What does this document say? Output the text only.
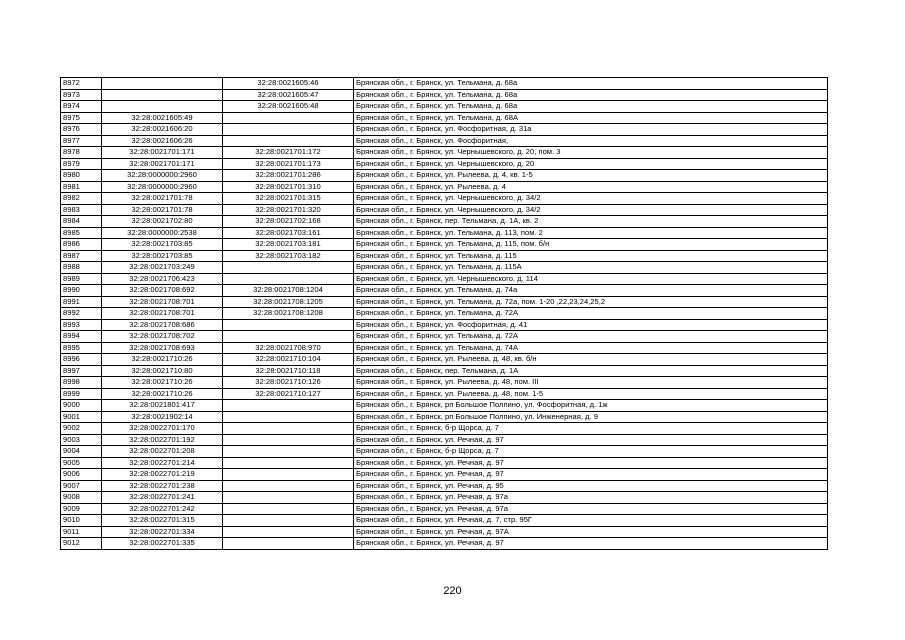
8972		32:28:0021605:46	Брянская обл., г. Брянск, ул. Тельмана, д. 68а
8973		32:28:0021605:47	Брянская обл., г. Брянск, ул. Тельмана, д. 68а
8974		32:28:0021605:48	Брянская обл., г. Брянск, ул. Тельмана, д. 68а
8975	32:28:0021605:49		Брянская обл., г. Брянск, ул. Тельмана, д. 68А
8976	32:28:0021606:20		Брянская обл., г. Брянск, ул. Фосфоритная, д. 31а
8977	32:28:0021606:26		Брянская обл., г. Брянск, ул. Фосфоритная,
8978	32:28:0021701:171	32:28:0021701:172	Брянская обл., г. Брянск, ул. Чернышевского, д. 20, пом. 3
8979	32:28:0021701:171	32:28:0021701:173	Брянская обл., г. Брянск, ул. Чернышевского, д. 20
8980	32:28:0000000:2960	32:28:0021701:286	Брянская обл., г. Брянск, ул. Рылеева, д. 4, кв. 1-5
8981	32:28:0000000:2960	32:28:0021701:310	Брянская обл., г. Брянск, ул. Рылеева, д. 4
8982	32:28:0021701:78	32:28:0021701:315	Брянская обл., г. Брянск, ул. Чернышевского, д. 34/2
8983	32:28:0021701:78	32:28:0021701:320	Брянская обл., г. Брянск, ул. Чернышевского, д. 34/2
8984	32:28:0021702:80	32:28:0021702:168	Брянская обл., г. Брянск, пер. Тельмана, д. 1А, кв. 2
8985	32:28:0000000:2538	32:28:0021703:161	Брянская обл., г. Брянск, ул. Тельмана, д. 113, пом. 2
8986	32:28:0021703:85	32:28:0021703:181	Брянская обл., г. Брянск, ул. Тельмана, д. 115, пом. б/н
8987	32:28:0021703:85	32:28:0021703:182	Брянская обл., г. Брянск, ул. Тельмана, д. 115
8988	32:28:0021703:249		Брянская обл., г. Брянск, ул. Тельмана, д. 115А
8989	32:28:0021706:423		Брянская обл., г. Брянск, ул. Чернышевского, д. 114
8990	32:28:0021708:692	32:28:0021708:1204	Брянская обл., г. Брянск, ул. Тельмана, д. 74а
8991	32:28:0021708:701	32:28:0021708:1205	Брянская обл., г. Брянск, ул. Тельмана, д. 72а, пом. 1-20 ,22,23,24,25,2
8992	32:28:0021708:701	32:28:0021708:1208	Брянская обл., г. Брянск, ул. Тельмана, д. 72А
8993	32:28:0021708:686		Брянская обл., г. Брянск, ул. Фосфоритная, д. 41
8994	32:28:0021708:702		Брянская обл., г. Брянск, ул. Тельмана, д. 72А
8995	32:28:0021708:693	32:28:0021708:970	Брянская обл., г. Брянск, ул. Тельмана, д. 74А
8996	32:28:0021710:26	32:28:0021710:104	Брянская обл., г. Брянск, ул. Рылеева, д. 48, кв. б/н
8997	32:28:0021710:80	32:28:0021710:118	Брянская обл., г. Брянск, пер. Тельмана, д. 1А
8998	32:28:0021710:26	32:28:0021710:126	Брянская обл., г. Брянск, ул. Рылеева, д. 48, пом. III
8999	32:28:0021710:26	32:28:0021710:127	Брянская обл., г. Брянск, ул. Рылеева, д. 48, пом. 1-5
9000	32:28:0021801:417		Брянская обл., г. Брянск, рп Большое Полпино, ул. Фосфоритная, д. 1ж
9001	32:28:0021902:14		Брянская обл., г. Брянск, рп Большое Полпино, ул. Инженерная, д. 9
9002	32:28:0022701:170		Брянская обл., г. Брянск, б-р Щорса, д. 7
9003	32:28:0022701:192		Брянская обл., г. Брянск, ул. Речная, д. 97
9004	32:28:0022701:208		Брянская обл., г. Брянск, б-р Щорса, д. 7
9005	32:28:0022701:214		Брянская обл., г. Брянск, ул. Речная, д. 97
9006	32:28:0022701:219		Брянская обл., г. Брянск, ул. Речная, д. 97
9007	32:28:0022701:238		Брянская обл., г. Брянск, ул. Речная, д. 95
9008	32:28:0022701:241		Брянская обл., г. Брянск, ул. Речная, д. 97а
9009	32:28:0022701:242		Брянская обл., г. Брянск, ул. Речная, д. 97а
9010	32:28:0022701:315		Брянская обл., г. Брянск, ул. Речная, д. 7, стр. 95Г
9011	32:28:0022701:334		Брянская обл., г. Брянск, ул. Речная, д. 97А
9012	32:28:0022701:335		Брянская обл., г. Брянск, ул. Речная, д. 97
220
